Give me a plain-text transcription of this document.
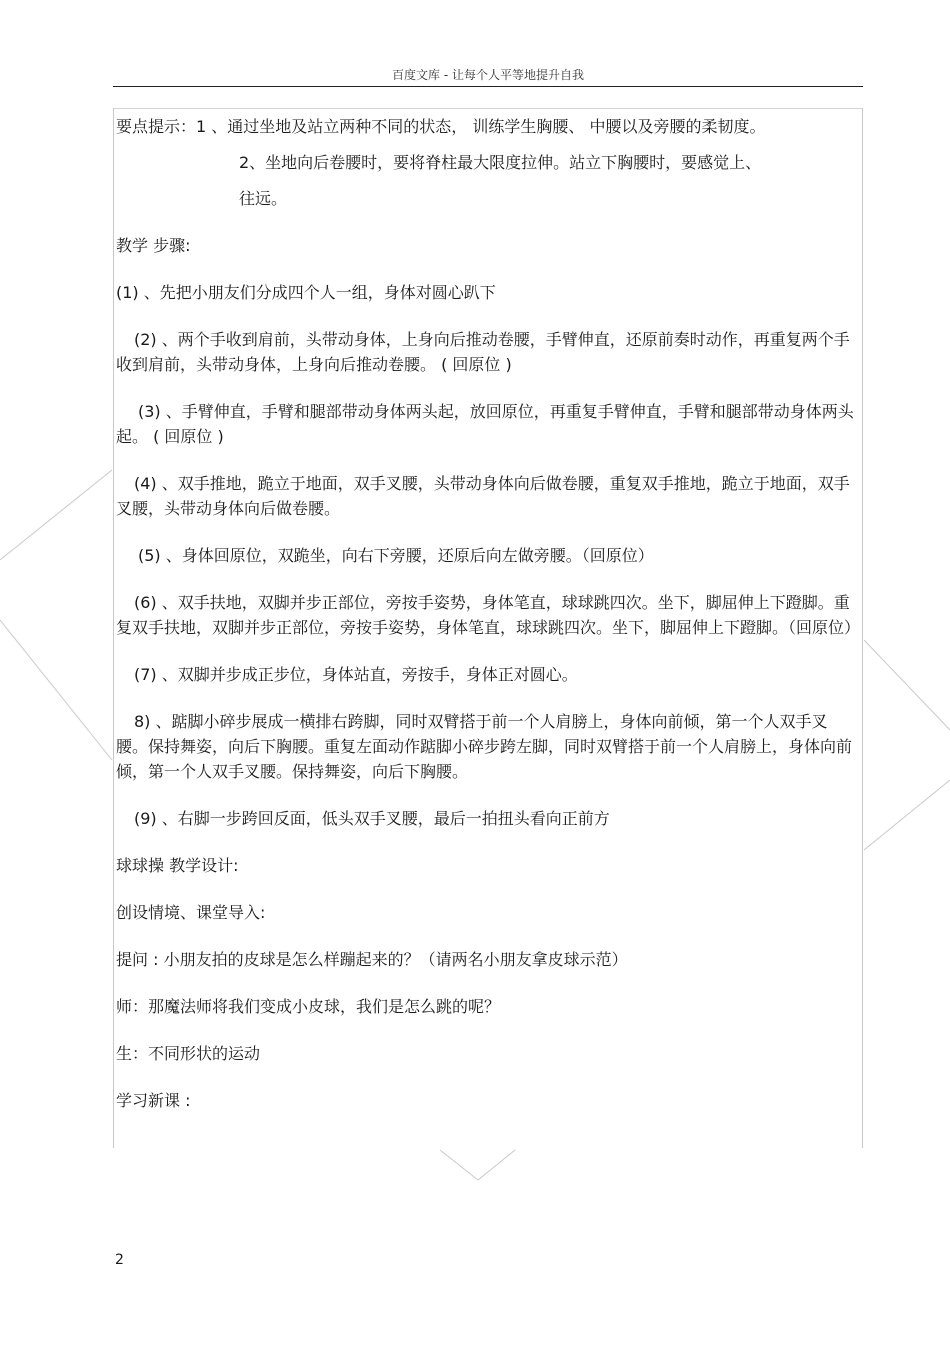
百度文库 - 让每个人平等地提升自我

要点提示：1 、通过坐地及站立两种不同的状态， 训练学生胸腰、 中腰以及旁腰的柔韧度。

2、坐地向后卷腰时，要将脊柱最大限度拉伸。站立下胸腰时，要感觉上、

往远。

教学 步骤:

(1) 、先把小朋友们分成四个人一组，身体对圆心趴下

(2) 、两个手收到肩前，头带动身体，上身向后推动卷腰，手臂伸直，还原前奏时动作，再重复两个手收到肩前，头带动身体，上身向后推动卷腰。 ( 回原位 )

(3) 、手臂伸直，手臂和腿部带动身体两头起，放回原位，再重复手臂伸直，手臂和腿部带动身体两头起。 ( 回原位 )

(4) 、双手推地，跪立于地面，双手叉腰，头带动身体向后做卷腰，重复双手推地，跪立于地面，双手叉腰，头带动身体向后做卷腰。

(5) 、身体回原位，双跪坐，向右下旁腰，还原后向左做旁腰。（回原位）

(6) 、双手扶地，双脚并步正部位，旁按手姿势，身体笔直，球球跳四次。坐下，脚屈伸上下蹬脚。重复双手扶地，双脚并步正部位，旁按手姿势，身体笔直，球球跳四次。坐下，脚屈伸上下蹬脚。（回原位）

(7) 、双脚并步成正步位，身体站直，旁按手，身体正对圆心。

8) 、踮脚小碎步展成一横排右跨脚，同时双臂搭于前一个人肩膀上，身体向前倾，第一个人双手叉腰。保持舞姿，向后下胸腰。重复左面动作踮脚小碎步跨左脚，同时双臂搭于前一个人肩膀上，身体向前倾，第一个人双手叉腰。保持舞姿，向后下胸腰。

(9) 、右脚一步跨回反面，低头双手叉腰，最后一拍扭头看向正前方

球球操 教学设计:

创设情境、课堂导入:

提问 : 小朋友拍的皮球是怎么样蹦起来的？（请两名小朋友拿皮球示范）

师：那魔法师将我们变成小皮球，我们是怎么跳的呢？

生：不同形状的运动

学习新课 :

2
